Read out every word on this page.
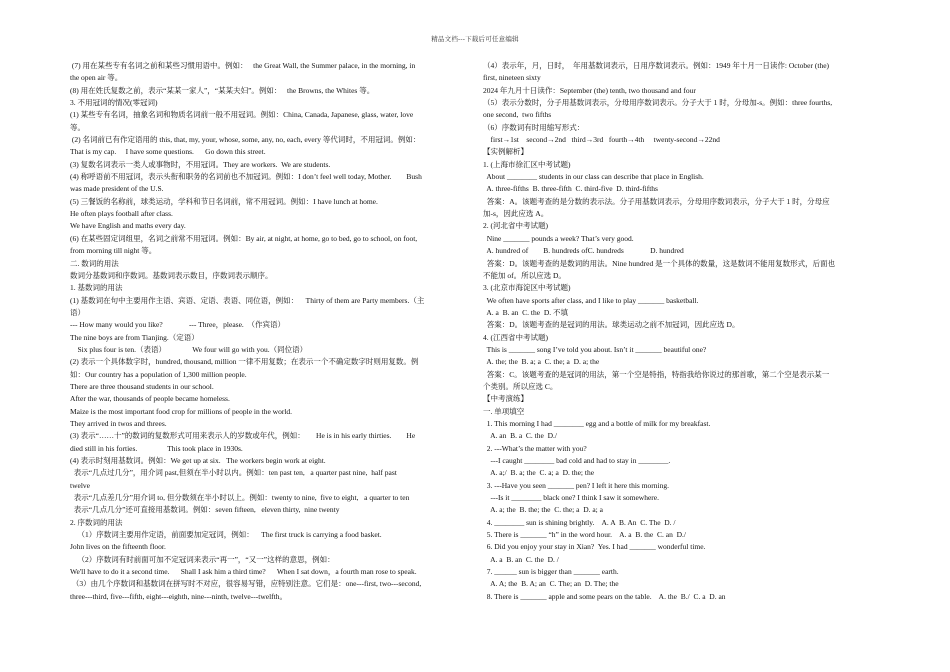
精品文档---下载后可任意编辑
(7) 用在某些专有名词之前和某些习惯用语中。例如：   the Great Wall, the Summer palace, in the morning, in
the open air 等。
(8) 用在姓氏复数之前，表示“某某一家人”，“某某夫妇”。例如：   the Browns, the Whites 等。
3. 不用冠词的情况(零冠词)
(1) 某些专有名词，抽象名词和物质名词前一般不用冠词。例如：China, Canada, Japanese, glass, water, love
等。
(2) 名词前已有作定语用的 this, that, my, your, whose, some, any, no, each, every 等代词时，不用冠词。例如：
That is my cap.     I have some questions.      Go down this street.
(3) 复数名词表示一类人或事物时，不用冠词。They are workers.  We are students.
(4) 称呼语前不用冠词，表示头衔和职务的名词前也不加冠词。例如：I don’t feel well today, Mother.        Bush
was made president of the U.S.
(5) 三餐饭的名称前，球类运动，学科和节日名词前，常不用冠词。例如：I have lunch at home.
He often plays football after class.
We have English and maths every day.
(6) 在某些固定词组里，名词之前常不用冠词。例如：By air, at night, at home, go to bed, go to school, on foot,
from morning till night 等。
二. 数词的用法
数词分基数词和序数词。基数词表示数目，序数词表示顺序。
1. 基数词的用法
(1) 基数词在句中主要用作主语、宾语、定语、表语、同位语，例如：    Thirty of them are Party members.（主
语）
--- How many would you like?              --- Three，please.  （作宾语）
The nine boys are from Tianjing.（定语）
Six plus four is ten.（表语）              We four will go with you.（同位语）
(2) 表示一个具体数字时，hundred, thousand, million 一律不用复数；在表示一个不确定数字时则用复数。例
如：Our country has a population of 1,300 million people.
There are three thousand students in our school.
After the war, thousands of people became homeless.
Maize is the most important food crop for millions of people in the world.
They arrived in twos and threes.
(3) 表示“……十”的数词的复数形式可用来表示人的岁数或年代，例如：      He is in his early thirties.        He
died still in his forties.                This took place in 1930s.
(4) 表示时刻用基数词。例如：We get up at six.   The workers begin work at eight.
表示“几点过几分”，用介词 past,但须在半小时以内。例如：ten past ten,   a quarter past nine,  half past
twelve
表示“几点差几分”用介词 to, 但分数须在半小时以上。例如：twenty to nine,  five to eight,   a quarter to ten
表示“几点几分”还可直接用基数词。例如：seven fifteen,   eleven thirty,  nine twenty
2. 序数词的用法
（1）序数词主要用作定语，前面要加定冠词，例如：    The first truck is carrying a food basket.
John lives on the fifteenth floor.
（2）序数词有时前面可加不定冠词来表示“再一”，“又一”这样的意思，例如：
We'll have to do it a second time.      Shall I ask him a third time?      When I sat down，a fourth man rose to speak.
（3）由几个序数词和基数词在拼写时不对应，很容易写错，应特别注意。它们是：one---first, two---second,
three---third, five---fifth, eight---eighth, nine---ninth, twelve---twelfth。
（4）表示年，月，日时，  年用基数词表示，日用序数词表示。例如：1949 年十月一日读作: October (the)
first, nineteen sixty
2024 年九月十日读作：September (the) tenth, two thousand and four
（5）表示分数时，分子用基数词表示，分母用序数词表示。分子大于 1 时，分母加-s。例如：three fourths,
one second,  two fifths
（6）序数词有时用缩写形式：
first→1st    second→2nd   third→3rd   fourth→4th     twenty-second→22nd
【实例解析】
1. (上海市徐汇区中考试题)
About ________ students in our class can describe that place in English.
A. three-fifths  B. three-fifth  C. third-five  D. third-fifths
答案：A。该题考查的是分数的表示法。分子用基数词表示，分母用序数词表示，分子大于 1 时，分母应
加-s，因此应选 A。
2. (河北省中考试题)
Nine _______ pounds a week? That’s very good.
A. hundred of        B. hundreds ofC. hundreds              D. hundred
答案：D。该题考查的是数词的用法。Nine hundred 是一个具体的数量，这是数词不能用复数形式，后面也
不能加 of。所以应选 D。
3. (北京市海淀区中考试题)
We often have sports after class, and I like to play _______ basketball.
A. a  B. an  C. the  D. 不填
答案：D。该题考查的是冠词的用法。球类运动之前不加冠词，因此应选 D。
4. (江西省中考试题)
This is _______ song I’ve told you about. Isn’t it _______ beautiful one?
A. the; the  B. a; a  C. the; a  D. a; the
答案：C。该题考查的是冠词的用法，第一个空是特指，特指我给你说过的那首歌，第二个空是表示某一
个类别。所以应选 C。
【中考演练】
一. 单项填空
1. This morning I had ________ egg and a bottle of milk for my breakfast.
A. an  B. a  C. the  D./
2. ---What’s the matter with you?
---I caught ________ bad cold and had to stay in ________.
A. a;/  B. a; the  C. a; a  D. the; the
3. ---Have you seen _______ pen? I left it here this morning.
---Is it ________ black one? I think I saw it somewhere.
A. a; the  B. the; the  C. the; a  D. a; a
4. ________ sun is shining brightly.    A. A  B. An  C. The  D. /
5. There is _______ “h” in the word hour.    A. a  B. the  C. an  D./
6. Did you enjoy your stay in Xian?  Yes. I had _______ wonderful time.
A. a  B. an  C. the  D. /
7. ______ sun is bigger than _______ earth.
A. A; the  B. A; an  C. The; an  D. The; the
8. There is _______ apple and some pears on the table.    A. the  B./  C. a  D. an
